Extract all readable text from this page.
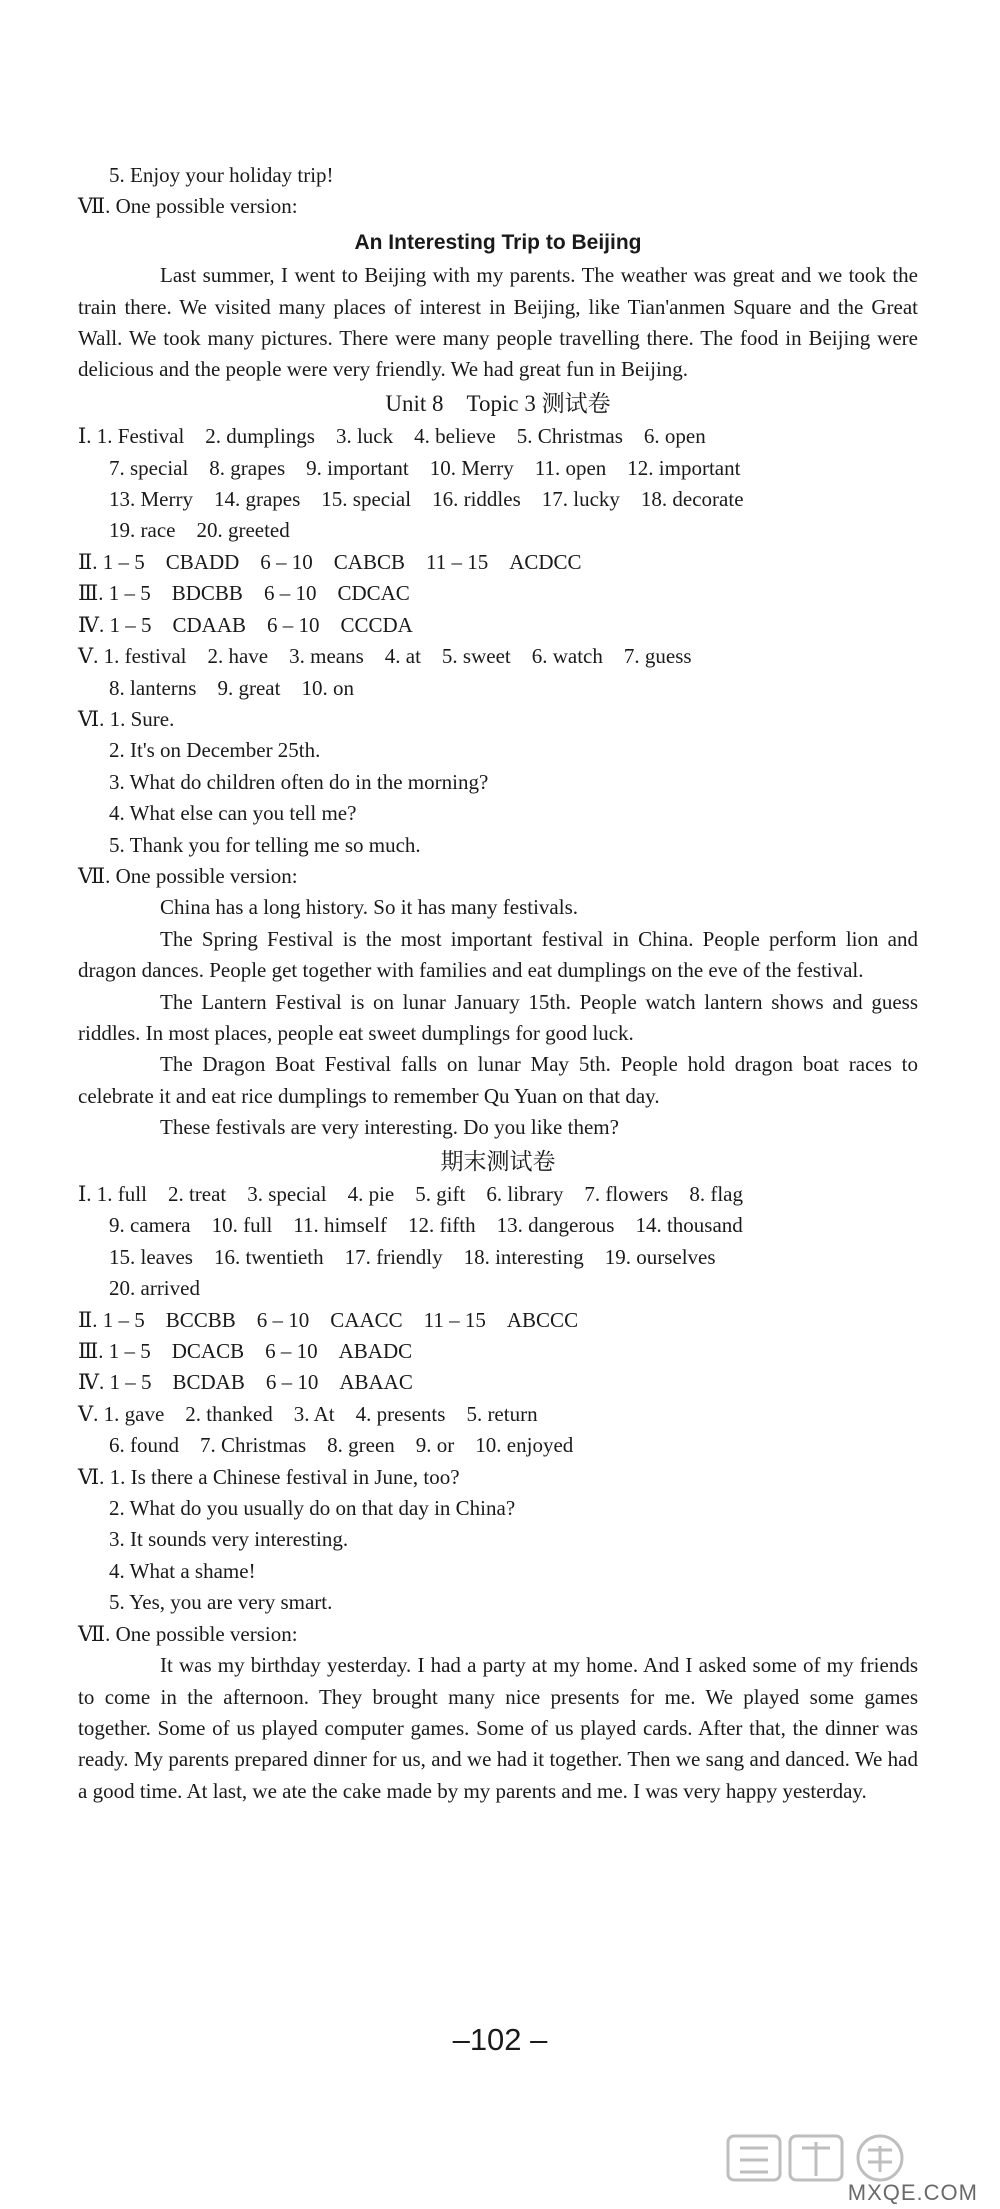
5. Enjoy your holiday trip!
Ⅶ. One possible version:
An Interesting Trip to Beijing
Last summer, I went to Beijing with my parents. The weather was great and we took the train there. We visited many places of interest in Beijing, like Tian'anmen Square and the Great Wall. We took many pictures. There were many people travelling there. The food in Beijing were delicious and the people were very friendly. We had great fun in Beijing.
Unit 8　Topic 3 测试卷
Ⅰ. 1. Festival　2. dumplings　3. luck　4. believe　5. Christmas　6. open
7. special　8. grapes　9. important　10. Merry　11. open　12. important
13. Merry　14. grapes　15. special　16. riddles　17. lucky　18. decorate
19. race　20. greeted
Ⅱ. 1 – 5　CBADD　6 – 10　CABCB　11 – 15　ACDCC
Ⅲ. 1 – 5　BDCBB　6 – 10　CDCAC
Ⅳ. 1 – 5　CDAAB　6 – 10　CCCDA
Ⅴ. 1. festival　2. have　3. means　4. at　5. sweet　6. watch　7. guess
8. lanterns　9. great　10. on
Ⅵ. 1. Sure.
2. It's on December 25th.
3. What do children often do in the morning?
4. What else can you tell me?
5. Thank you for telling me so much.
Ⅶ. One possible version:
China has a long history. So it has many festivals.
The Spring Festival is the most important festival in China. People perform lion and dragon dances. People get together with families and eat dumplings on the eve of the festival.
The Lantern Festival is on lunar January 15th. People watch lantern shows and guess riddles. In most places, people eat sweet dumplings for good luck.
The Dragon Boat Festival falls on lunar May 5th. People hold dragon boat races to celebrate it and eat rice dumplings to remember Qu Yuan on that day.
These festivals are very interesting. Do you like them?
期末测试卷
Ⅰ. 1. full　2. treat　3. special　4. pie　5. gift　6. library　7. flowers　8. flag
9. camera　10. full　11. himself　12. fifth　13. dangerous　14. thousand
15. leaves　16. twentieth　17. friendly　18. interesting　19. ourselves
20. arrived
Ⅱ. 1 – 5　BCCBB　6 – 10　CAACC　11 – 15　ABCCC
Ⅲ. 1 – 5　DCACB　6 – 10　ABADC
Ⅳ. 1 – 5　BCDAB　6 – 10　ABAAC
Ⅴ. 1. gave　2. thanked　3. At　4. presents　5. return
6. found　7. Christmas　8. green　9. or　10. enjoyed
Ⅵ. 1. Is there a Chinese festival in June, too?
2. What do you usually do on that day in China?
3. It sounds very interesting.
4. What a shame!
5. Yes, you are very smart.
Ⅶ. One possible version:
It was my birthday yesterday. I had a party at my home. And I asked some of my friends to come in the afternoon. They brought many nice presents for me. We played some games together. Some of us played computer games. Some of us played cards. After that, the dinner was ready. My parents prepared dinner for us, and we had it together. Then we sang and danced. We had a good time. At last, we ate the cake made by my parents and me. I was very happy yesterday.
–102 –
MXQE.COM
